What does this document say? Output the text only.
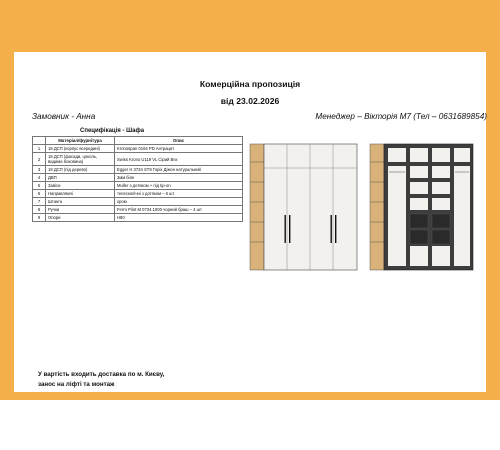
Комерційна пропозиція
від 23.02.2026
Замовник - Анна	Менеджер – Вікторія М7 (Тел – 0631689854)
Специфікація - Шафа
	Матеріал/фурнітура	Опис
1	18 ДСП (корпус всередині)	Kronospan 0164 PD Антрацит
2	18 ДСП (фасади, цоколь, видима боковина)	Swiss Krono U119 VL Сірий Вєк
3	18 ДСП (під дерево)	Egger H 3734 ST9 Горіх Діжон натуральний
4	ДВП	3мм біле
5	Завіси	Muller з дотяком + під tip-on
6	Направляючі	телескопічні з дотяком – 6 шт
7	Штанга	хром
8	Ручки	Ferro Pilot M 0734.1000 чорний браш – 4 шт
9	Опори	H80
У вартість входить доставка по м. Києву,
занос на ліфті та монтаж
